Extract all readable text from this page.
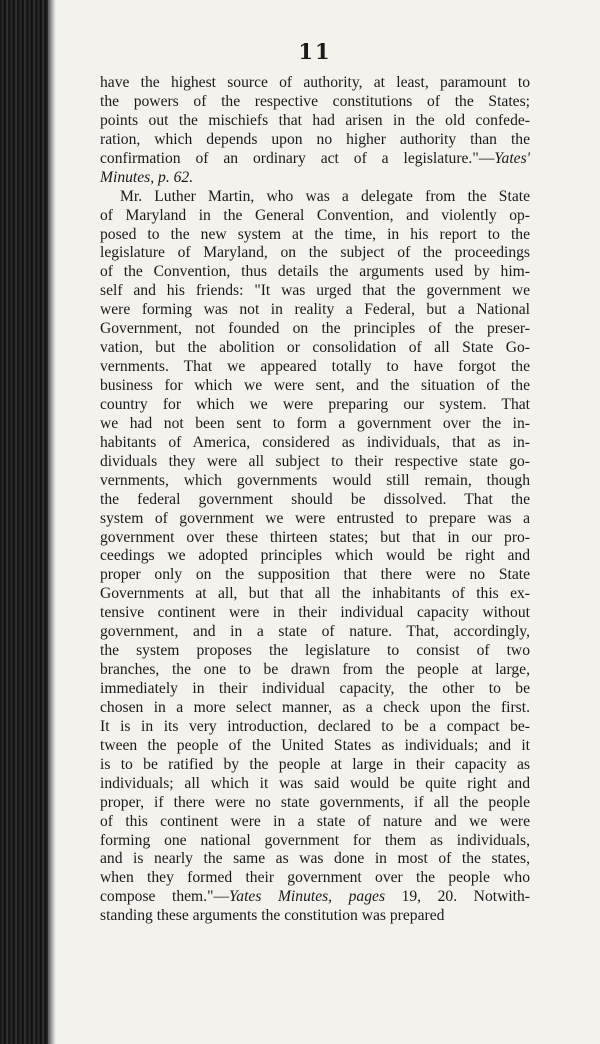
11
have the highest source of authority, at least, paramount to
the powers of the respective constitutions of the States;
points out the mischiefs that had arisen in the old confede-
ration, which depends upon no higher authority than the
confirmation of an ordinary act of a legislature."—Yates'
Minutes, p. 62.
Mr. Luther Martin, who was a delegate from the State
of Maryland in the General Convention, and violently op-
posed to the new system at the time, in his report to the
legislature of Maryland, on the subject of the proceedings
of the Convention, thus details the arguments used by him-
self and his friends: "It was urged that the government we
were forming was not in reality a Federal, but a National
Government, not founded on the principles of the preser-
vation, but the abolition or consolidation of all State Go-
vernments. That we appeared totally to have forgot the
business for which we were sent, and the situation of the
country for which we were preparing our system. That
we had not been sent to form a government over the in-
habitants of America, considered as individuals, that as in-
dividuals they were all subject to their respective state go-
vernments, which governments would still remain, though
the federal government should be dissolved. That the
system of government we were entrusted to prepare was a
government over these thirteen states; but that in our pro-
ceedings we adopted principles which would be right and
proper only on the supposition that there were no State
Governments at all, but that all the inhabitants of this ex-
tensive continent were in their individual capacity without
government, and in a state of nature. That, accordingly,
the system proposes the legislature to consist of two
branches, the one to be drawn from the people at large,
immediately in their individual capacity, the other to be
chosen in a more select manner, as a check upon the first.
It is in its very introduction, declared to be a compact be-
tween the people of the United States as individuals; and it
is to be ratified by the people at large in their capacity as
individuals; all which it was said would be quite right and
proper, if there were no state governments, if all the people
of this continent were in a state of nature and we were
forming one national government for them as individuals,
and is nearly the same as was done in most of the states,
when they formed their government over the people who
compose them."—Yates Minutes, pages 19, 20. Notwith-
standing these arguments the constitution was prepared
